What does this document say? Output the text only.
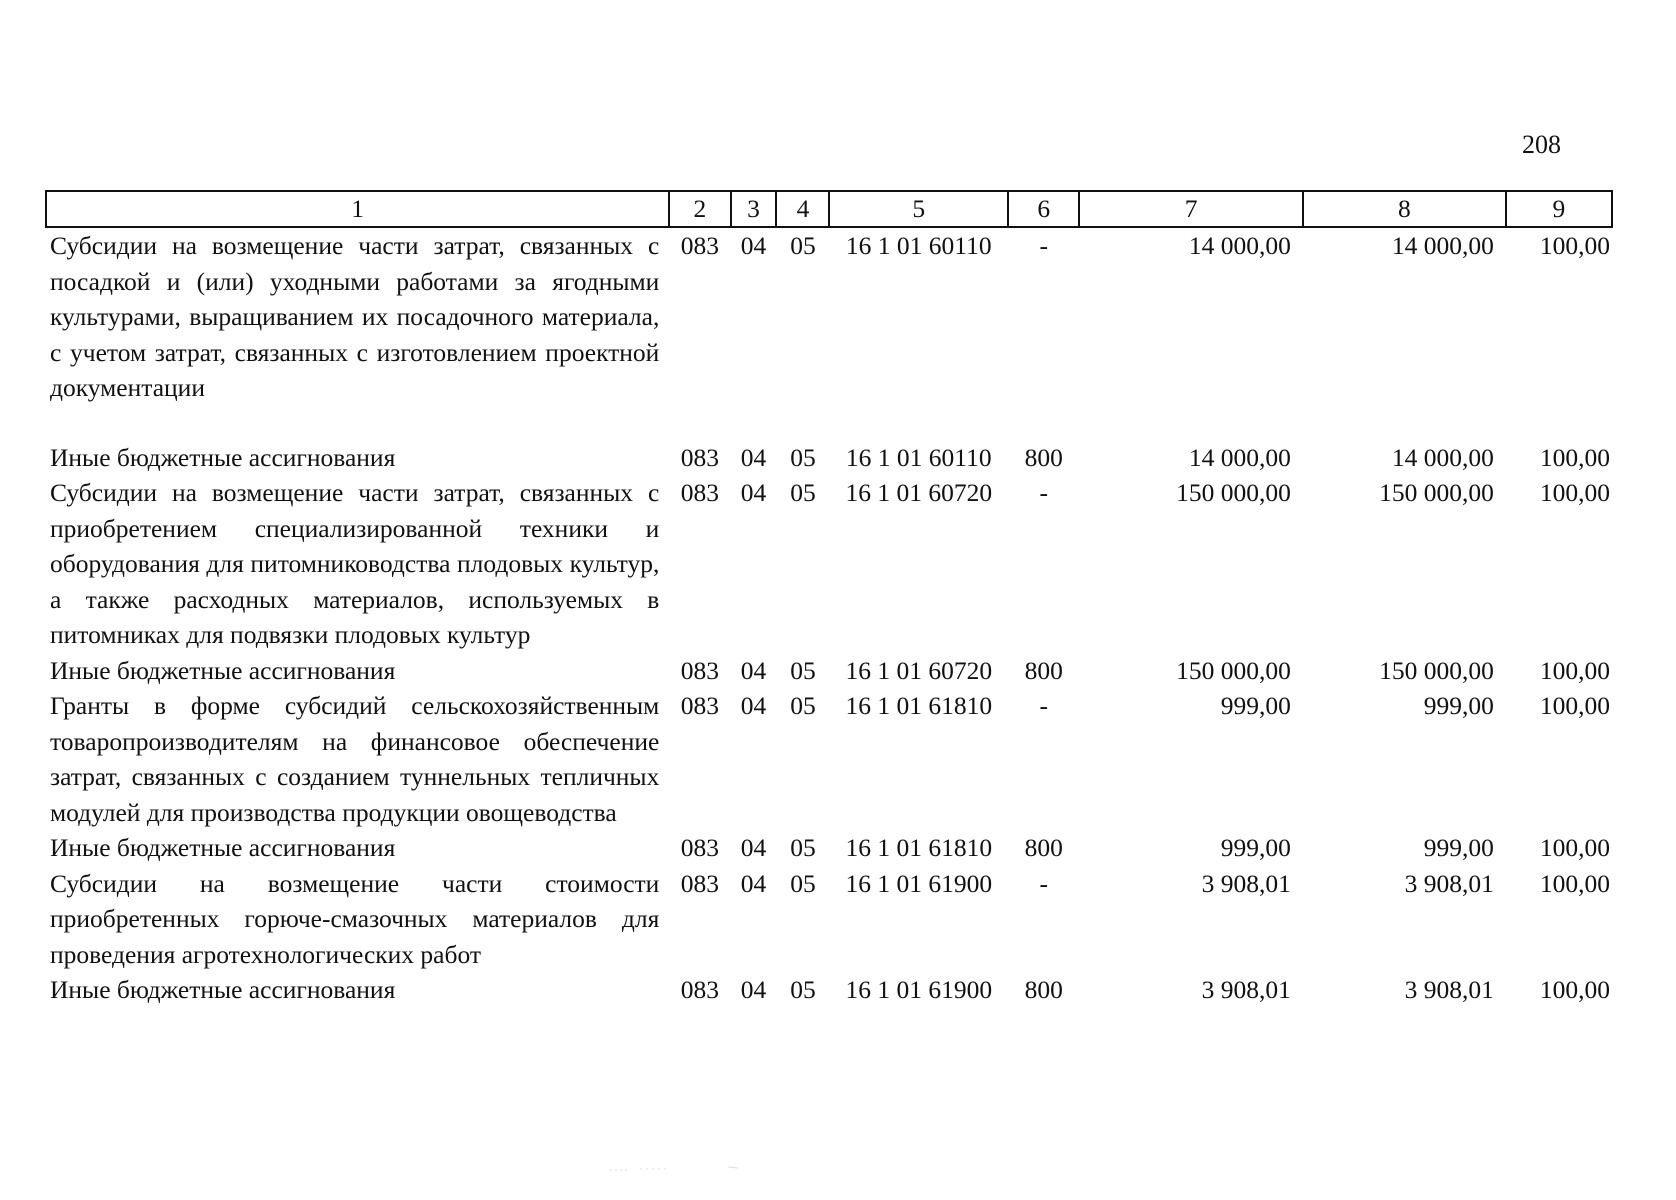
208
1	2	3	4	5	6	7	8	9
Субсидии на возмещение части затрат, связанных с посадкой и (или) уходными работами за ягодными культурами, выращиванием их посадочного материала, с учетом затрат, связанных с изготовлением проектной документации	083	04	05	16 1 01 60110	-	14 000,00	14 000,00	100,00
Иные бюджетные ассигнования	083	04	05	16 1 01 60110	800	14 000,00	14 000,00	100,00
Субсидии на возмещение части затрат, связанных с приобретением специализированной техники и оборудования для питомниководства плодовых культур, а также расходных материалов, используемых в питомниках для подвязки плодовых культур	083	04	05	16 1 01 60720	-	150 000,00	150 000,00	100,00
Иные бюджетные ассигнования	083	04	05	16 1 01 60720	800	150 000,00	150 000,00	100,00
Гранты в форме субсидий сельскохозяйственным товаропроизводителям на финансовое обеспечение затрат, связанных с созданием туннельных тепличных модулей для производства продукции овощеводства	083	04	05	16 1 01 61810	-	999,00	999,00	100,00
Иные бюджетные ассигнования	083	04	05	16 1 01 61810	800	999,00	999,00	100,00
Субсидии на возмещение части стоимости приобретенных горюче-смазочных материалов для проведения агротехнологических работ	083	04	05	16 1 01 61900	-	3 908,01	3 908,01	100,00
Иные бюджетные ассигнования	083	04	05	16 1 01 61900	800	3 908,01	3 908,01	100,00
